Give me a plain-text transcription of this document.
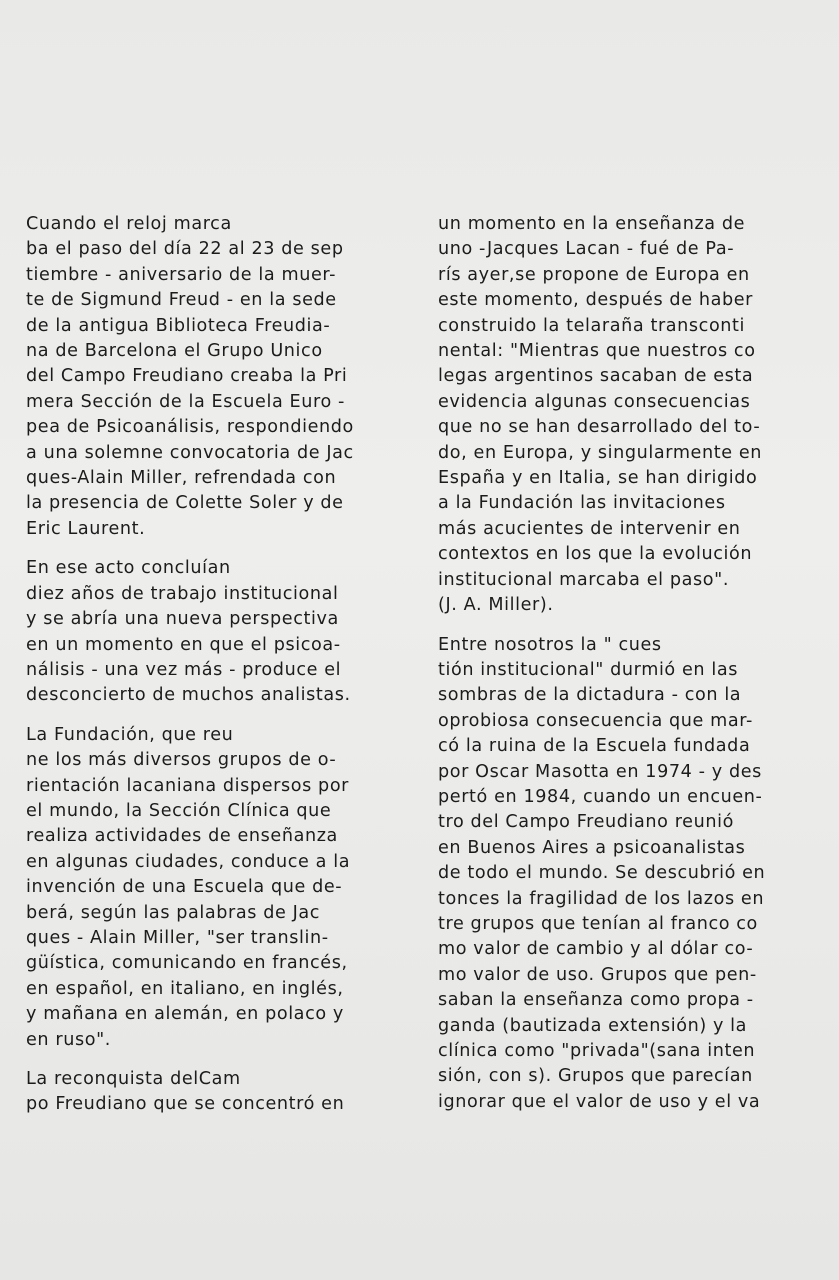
Cuando el reloj marca
ba el paso del día 22 al 23 de sep
tiembre - aniversario de la muer-
te de Sigmund Freud - en la sede
de la antigua Biblioteca Freudia-
na de Barcelona el Grupo Unico
del Campo Freudiano creaba la Pri
mera Sección de la Escuela Euro -
pea de Psicoanálisis, respondiendo
a una solemne convocatoria de Jac
ques-Alain Miller, refrendada con
la presencia de Colette Soler y de
Eric Laurent.

En ese acto concluían
diez años de trabajo institucional
y se abría una nueva perspectiva
en un momento en que el psicoa-
nálisis - una vez más - produce el
desconcierto de muchos analistas.

La Fundación, que reu
ne los más diversos grupos de o-
rientación lacaniana dispersos por
el mundo, la Sección Clínica que
realiza actividades de enseñanza
en algunas ciudades, conduce a la
invención de una Escuela que de-
berá, según las palabras de Jac
ques - Alain Miller, "ser translin-
güística, comunicando en francés,
en español, en italiano, en inglés,
y mañana en alemán, en polaco y
en ruso".

La reconquista delCam
po Freudiano que se concentró en

un momento en la enseñanza de
uno -Jacques Lacan - fué de Pa-
rís ayer,se propone de Europa en
este momento, después de haber
construido la telaraña transconti
nental: "Mientras que nuestros co
legas argentinos sacaban de esta
evidencia algunas consecuencias
que no se han desarrollado del to-
do, en Europa, y singularmente en
España y en Italia, se han dirigido
a la Fundación las invitaciones
más acucientes de intervenir en
contextos en los que la evolución
institucional marcaba el paso".
(J. A. Miller).

Entre nosotros la " cues
tión institucional" durmió en las
sombras de la dictadura - con la
oprobiosa consecuencia que mar-
có la ruina de la Escuela fundada
por Oscar Masotta en 1974 - y des
pertó en 1984, cuando un encuen-
tro del Campo Freudiano reunió
en Buenos Aires a psicoanalistas
de todo el mundo. Se descubrió en
tonces la fragilidad de los lazos en
tre grupos que tenían al franco co
mo valor de cambio y al dólar co-
mo valor de uso. Grupos que pen-
saban la enseñanza como propa -
ganda (bautizada extensión) y la
clínica como "privada"(sana inten
sión, con s). Grupos que parecían
ignorar que el valor de uso y el va
